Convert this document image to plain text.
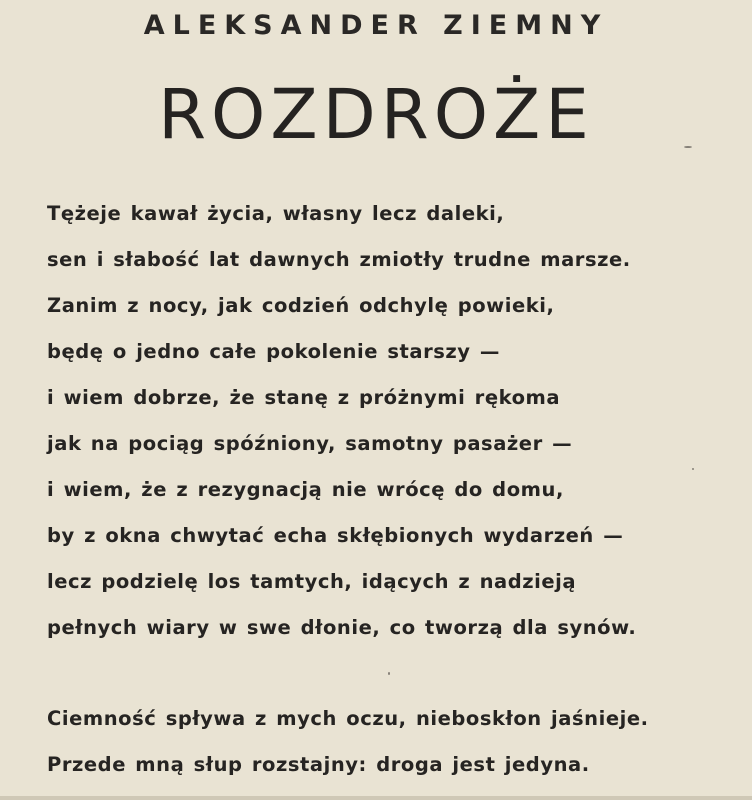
ALEKSANDER ZIEMNY
ROZDROŻE
Tężeje kawał życia, własny lecz daleki,
sen i słabość lat dawnych zmiotły trudne marsze.
Zanim z nocy, jak codzień odchylę powieki,
będę o jedno całe pokolenie starszy —
i wiem dobrze, że stanę z próżnymi rękoma
jak na pociąg spóźniony, samotny pasażer —
i wiem, że z rezygnacją nie wrócę do domu,
by z okna chwytać echa skłębionych wydarzeń —
lecz podzielę los tamtych, idących z nadzieją
pełnych wiary w swe dłonie, co tworzą dla synów.
Ciemność spływa z mych oczu, nieboskłon jaśnieje.
Przede mną słup rozstajny: droga jest jedyna.
